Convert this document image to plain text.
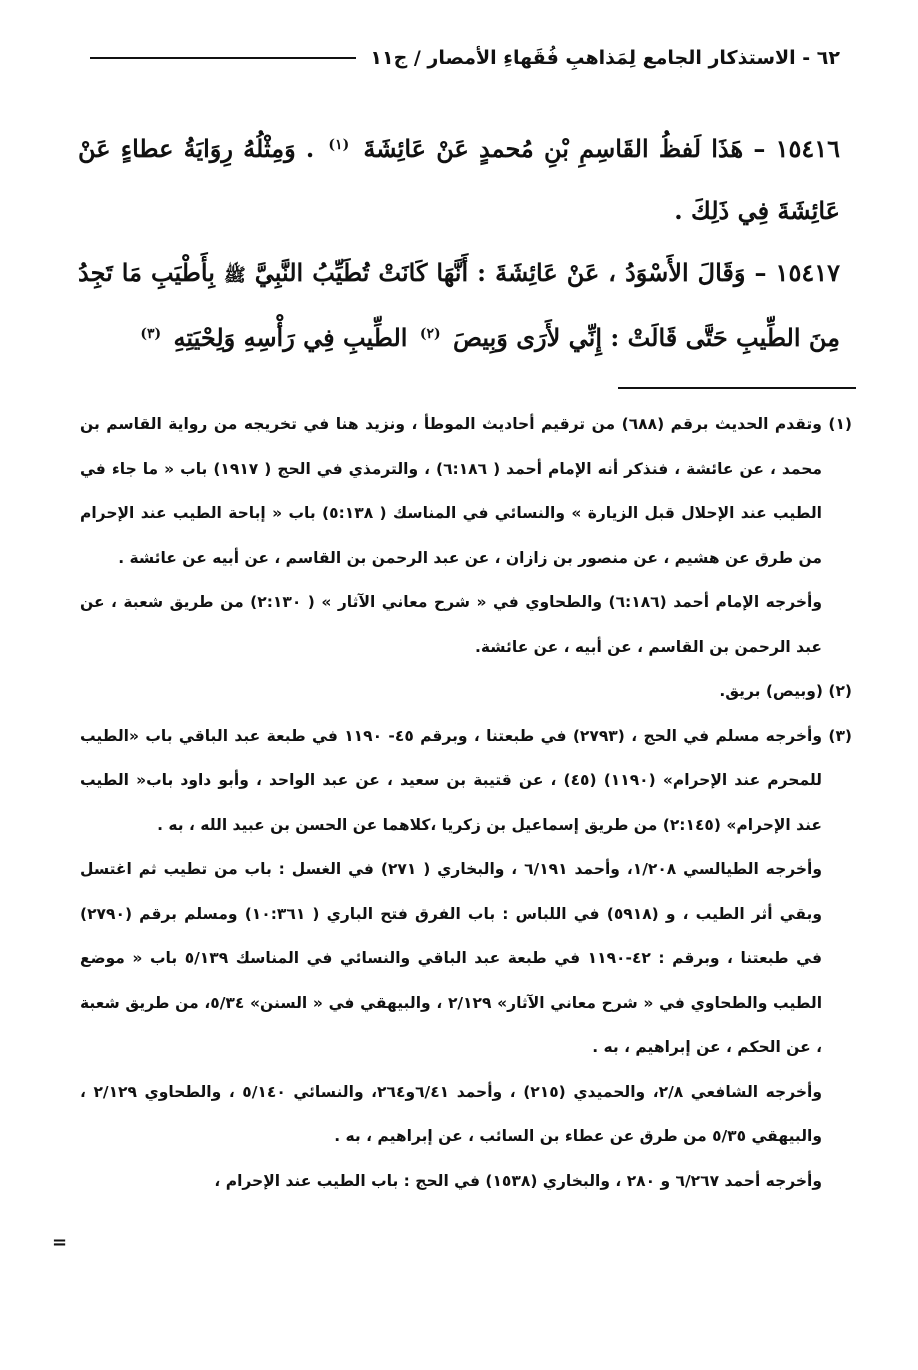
٦٢ - الاستذكار الجامع لِمَذاهبِ فُقَهاءِ الأمصار / ج١١

١٥٤١٦ – هَذَا لَفظُ القَاسِمِ بْنِ مُحمدٍ عَنْ عَائِشَةَ $^{(١)}$ . وَمِثْلُهُ رِوَايَةُ عطاءٍ عَنْ عَائِشَةَ فِي ذَلِكَ .

١٥٤١٧ – وَقَالَ الأَسْوَدُ ، عَنْ عَائِشَةَ : أَنَّهَا كَانَتْ تُطَيِّبُ النَّبِيَّ ﷺ بِأَطْيَبِ مَا تَجِدُ مِنَ الطِّيبِ حَتَّى قَالَتْ : إِنِّي لأَرَى وَبِيصَ $^{(٢)}$ الطِّيبِ فِي رَأْسِهِ وَلِحْيَتِهِ $^{(٣)}$

(١) وتقدم الحديث برقم (٦٨٨) من ترقيم أحاديث الموطأ ، ونزيد هنا في تخريجه من رواية القاسم بن محمد ، عن عائشة ، فنذكر أنه الإمام أحمد ( ٦:١٨٦) ، والترمذي في الحج ( ١٩١٧) باب « ما جاء في الطيب عند الإحلال قبل الزيارة » والنسائي في المناسك ( ٥:١٣٨) باب « إباحة الطيب عند الإحرام من طرق عن هشيم ، عن منصور بن زازان ، عن عبد الرحمن بن القاسم ، عن أبيه عن عائشة .

وأخرجه الإمام أحمد (٦:١٨٦) والطحاوي في « شرح معاني الآثار » ( ٢:١٣٠) من طريق شعبة ، عن عبد الرحمن بن القاسم ، عن أبيه ، عن عائشة.

(٢) (وبيص) بريق.

(٣) وأخرجه مسلم في الحج ، (٢٧٩٣) في طبعتنا ، وبرقم ٤٥- ١١٩٠ في طبعة عبد الباقي باب «الطيب للمحرم عند الإحرام» (١١٩٠) (٤٥) ، عن قتيبة بن سعيد ، عن عبد الواحد ، وأبو داود باب« الطيب عند الإحرام» (٢:١٤٥) من طريق إسماعيل بن زكريا ،كلاهما عن الحسن بن عبيد الله ، به .

وأخرجه الطيالسي ١/٢٠٨، وأحمد ٦/١٩١ ، والبخاري ( ٢٧١) في الغسل : باب من تطيب ثم اغتسل وبقي أثر الطيب ، و (٥٩١٨) في اللباس : باب الفرق فتح الباري ( ١٠:٣٦١) ومسلم برقم (٢٧٩٠) في طبعتنا ، وبرقم : ٤٢-١١٩٠ في طبعة عبد الباقي والنسائي في المناسك ٥/١٣٩ باب « موضع الطيب والطحاوي في « شرح معاني الآثار» ٢/١٢٩ ، والبيهقي في « السنن» ٥/٣٤، من طريق شعبة ، عن الحكم ، عن إبراهيم ، به .

وأخرجه الشافعي ٢/٨، والحميدي (٢١٥) ، وأحمد ٦/٤١و٢٦٤، والنسائي ٥/١٤٠ ، والطحاوي ٢/١٢٩ ، والبيهقي ٥/٣٥ من طرق عن عطاء بن السائب ، عن إبراهيم ، به .

وأخرجه أحمد ٦/٢٦٧ و ٢٨٠ ، والبخاري (١٥٣٨) في الحج : باب الطيب عند الإحرام ،

=
